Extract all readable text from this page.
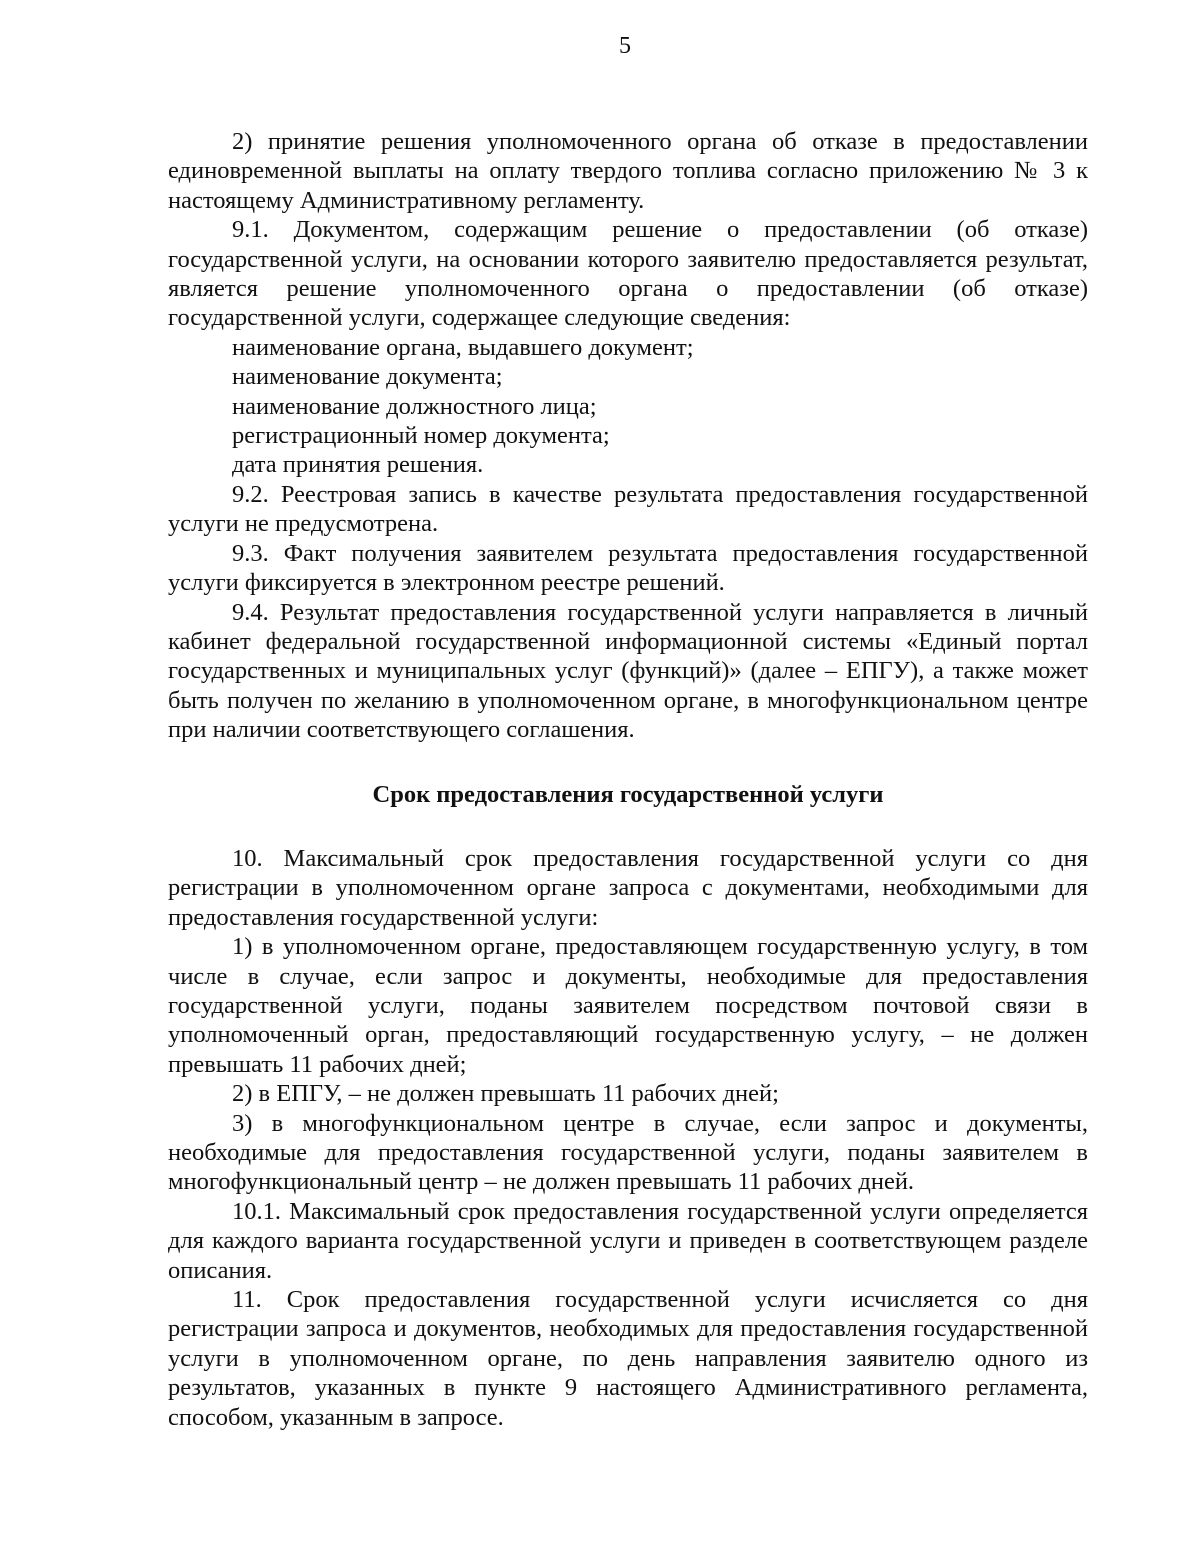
5

2) принятие решения уполномоченного органа об отказе в предоставлении единовременной выплаты на оплату твердого топлива согласно приложению № 3 к настоящему Административному регламенту.

9.1. Документом, содержащим решение о предоставлении (об отказе) государственной услуги, на основании которого заявителю предоставляется результат, является решение уполномоченного органа о предоставлении (об отказе) государственной услуги, содержащее следующие сведения:

наименование органа, выдавшего документ;

наименование документа;

наименование должностного лица;

регистрационный номер документа;

дата принятия решения.

9.2. Реестровая запись в качестве результата предоставления государственной услуги не предусмотрена.

9.3. Факт получения заявителем результата предоставления государственной услуги фиксируется в электронном реестре решений.

9.4. Результат предоставления государственной услуги направляется в личный кабинет федеральной государственной информационной системы «Единый портал государственных и муниципальных услуг (функций)» (далее – ЕПГУ), а также может быть получен по желанию в уполномоченном органе, в многофункциональном центре при наличии соответствующего соглашения.

Срок предоставления государственной услуги

10. Максимальный срок предоставления государственной услуги со дня регистрации в уполномоченном органе запроса с документами, необходимыми для предоставления государственной услуги:

1) в уполномоченном органе, предоставляющем государственную услугу, в том числе в случае, если запрос и документы, необходимые для предоставления государственной услуги, поданы заявителем посредством почтовой связи в уполномоченный орган, предоставляющий государственную услугу, – не должен превышать 11 рабочих дней;

2) в ЕПГУ, – не должен превышать 11 рабочих дней;

3) в многофункциональном центре в случае, если запрос и документы, необходимые для предоставления государственной услуги, поданы заявителем в многофункциональный центр – не должен превышать 11 рабочих дней.

10.1. Максимальный срок предоставления государственной услуги определяется для каждого варианта государственной услуги и приведен в соответствующем разделе описания.

11. Срок предоставления государственной услуги исчисляется со дня регистрации запроса и документов, необходимых для предоставления государственной услуги в уполномоченном органе, по день направления заявителю одного из результатов, указанных в пункте 9 настоящего Административного регламента, способом, указанным в запросе.
